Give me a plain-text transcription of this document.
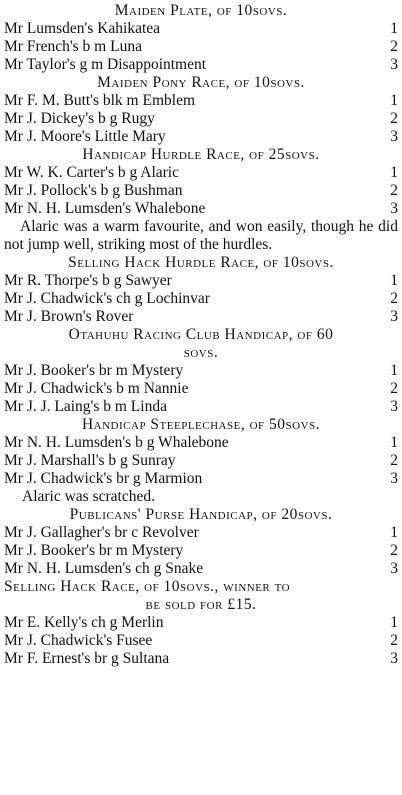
Maiden Plate, of 10sovs.
Mr Lumsden's Kahikatea	1
Mr French's b m Luna	2
Mr Taylor's g m Disappointment	3
Maiden Pony Race, of 10sovs.
Mr F. M. Butt's blk m Emblem	1
Mr J. Dickey's b g Rugy	2
Mr J. Moore's Little Mary	3
Handicap Hurdle Race, of 25sovs.
Mr W. K. Carter's b g Alaric	1
Mr J. Pollock's b g Bushman	2
Mr N. H. Lumsden's Whalebone	3
Alaric was a warm favourite, and won easily, though he did not jump well, striking most of the hurdles.
Selling Hack Hurdle Race, of 10sovs.
Mr R. Thorpe's b g Sawyer	1
Mr J. Chadwick's ch g Lochinvar	2
Mr J. Brown's Rover	3
Otahuhu Racing Club Handicap, of 60
sovs.
Mr J. Booker's br m Mystery	1
Mr J. Chadwick's b m Nannie	2
Mr J. J. Laing's b m Linda	3
Handicap Steeplechase, of 50sovs.
Mr N. H. Lumsden's b g Whalebone	1
Mr J. Marshall's b g Sunray	2
Mr J. Chadwick's br g Marmion	3
Alaric was scratched.
Publicans' Purse Handicap, of 20sovs.
Mr J. Gallagher's br c Revolver	1
Mr J. Booker's br m Mystery	2
Mr N. H. Lumsden's ch g Snake	3
Selling Hack Race, of 10sovs., winner to
be sold for £15.
Mr E. Kelly's ch g Merlin	1
Mr J. Chadwick's Fusee	2
Mr F. Ernest's br g Sultana	3
